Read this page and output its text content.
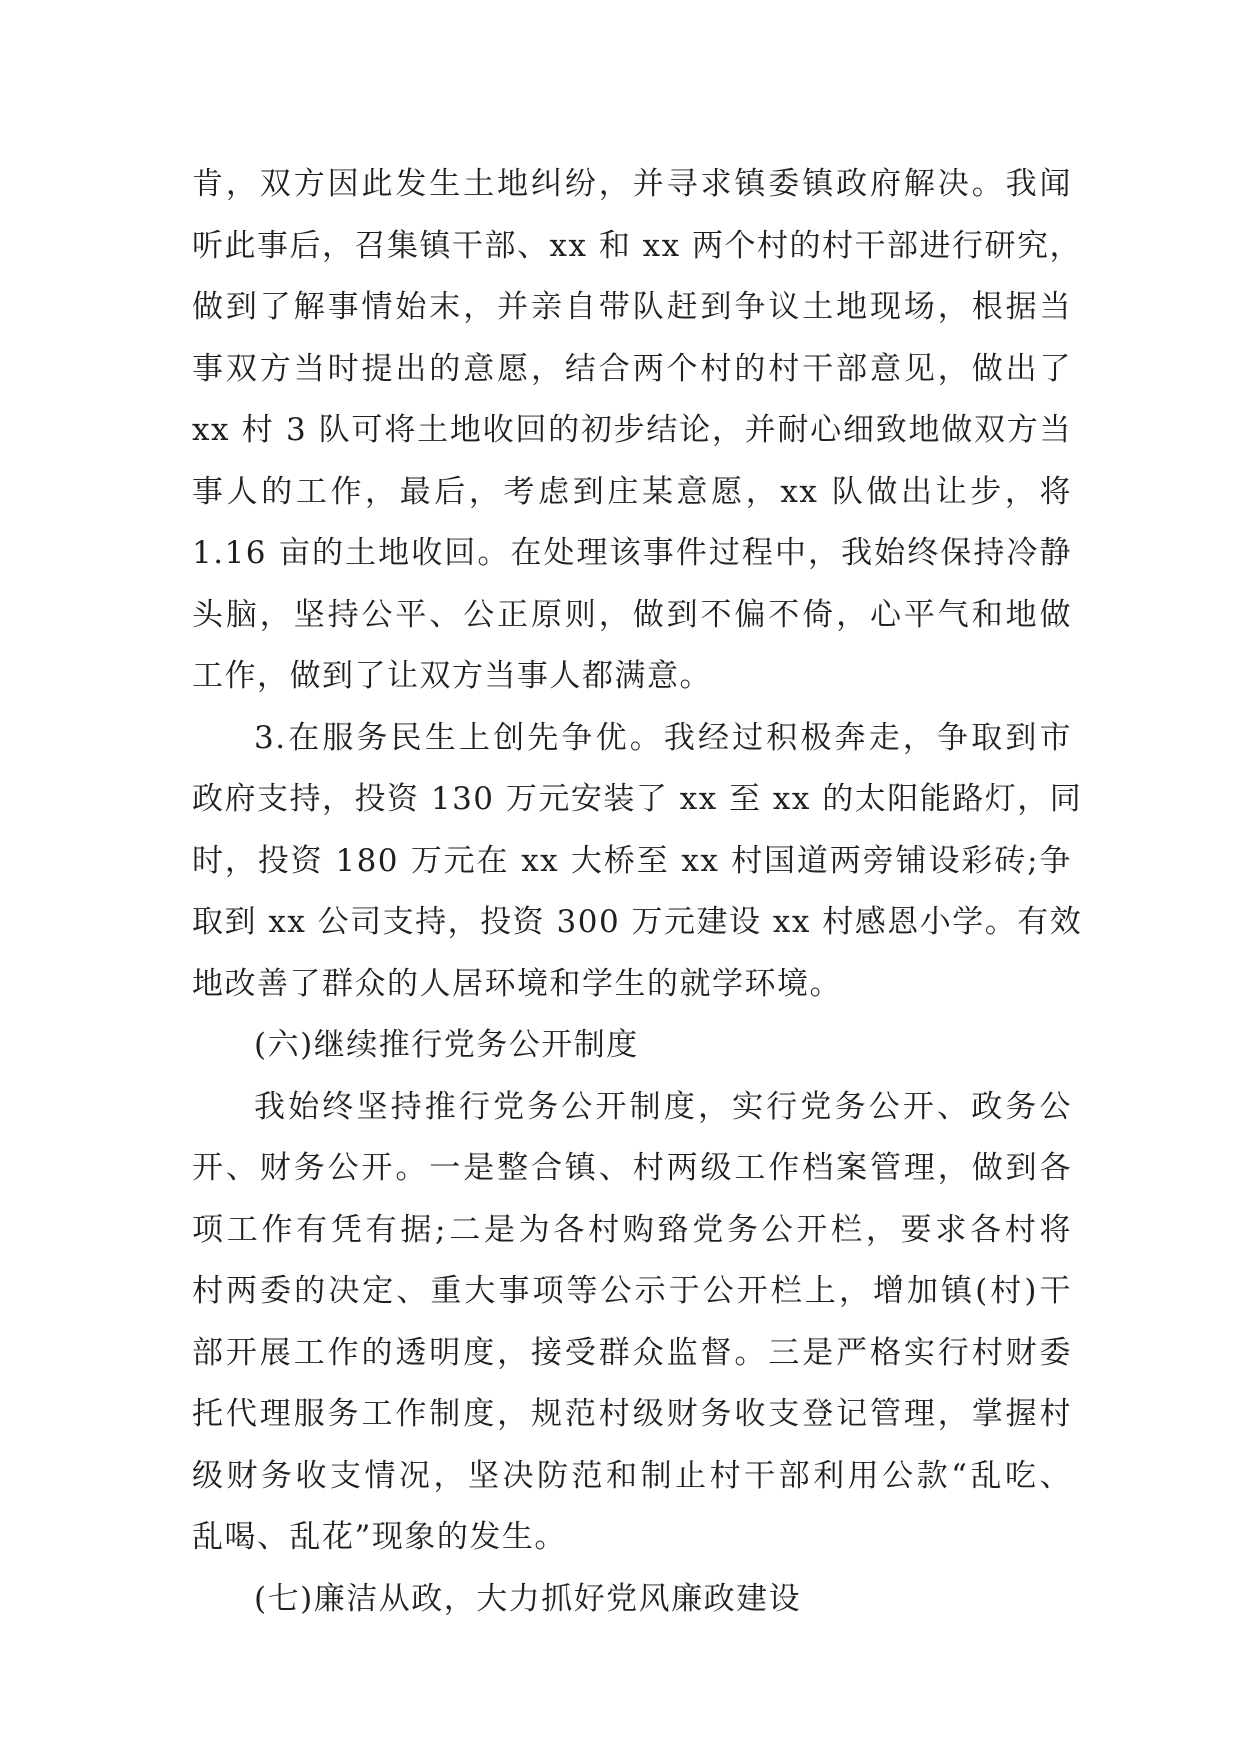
肯，双方因此发生土地纠纷，并寻求镇委镇政府解决。我闻
听此事后，召集镇干部、xx 和 xx 两个村的村干部进行研究，
做到了解事情始末，并亲自带队赶到争议土地现场，根据当
事双方当时提出的意愿，结合两个村的村干部意见，做出了
xx 村 3 队可将土地收回的初步结论，并耐心细致地做双方当
事人的工作，最后，考虑到庄某意愿，xx 队做出让步，将
1.16 亩的土地收回。在处理该事件过程中，我始终保持冷静
头脑，坚持公平、公正原则，做到不偏不倚，心平气和地做
工作，做到了让双方当事人都满意。
3.在服务民生上创先争优。我经过积极奔走，争取到市
政府支持，投资 130 万元安装了 xx 至 xx 的太阳能路灯，同
时，投资 180 万元在 xx 大桥至 xx 村国道两旁铺设彩砖;争
取到 xx 公司支持，投资 300 万元建设 xx 村感恩小学。有效
地改善了群众的人居环境和学生的就学环境。
(六)继续推行党务公开制度
我始终坚持推行党务公开制度，实行党务公开、政务公
开、财务公开。一是整合镇、村两级工作档案管理，做到各
项工作有凭有据;二是为各村购臵党务公开栏，要求各村将
村两委的决定、重大事项等公示于公开栏上，增加镇(村)干
部开展工作的透明度，接受群众监督。三是严格实行村财委
托代理服务工作制度，规范村级财务收支登记管理，掌握村
级财务收支情况，坚决防范和制止村干部利用公款“乱吃、
乱喝、乱花”现象的发生。
(七)廉洁从政，大力抓好党风廉政建设
